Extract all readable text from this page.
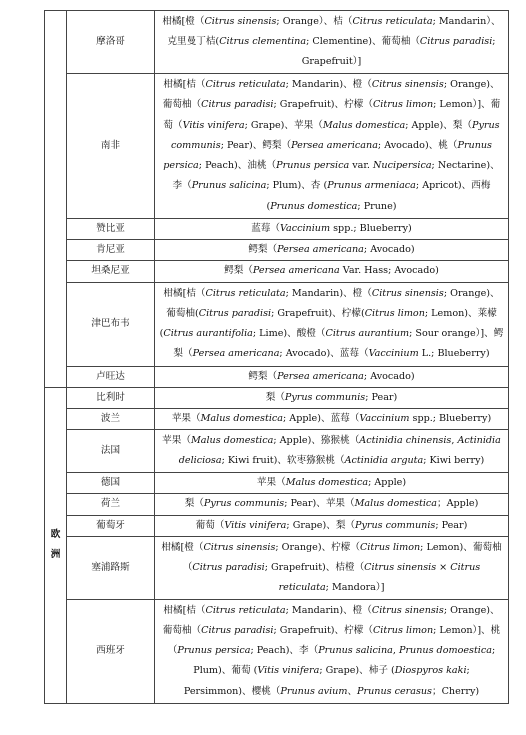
	摩洛哥	柑橘[橙（Citrus sinensis; Orange）、桔（Citrus reticulata; Mandarin）、克里曼丁桔(Citrus clementina; Clementine)、葡萄柚（Citrus paradisi; Grapefruit）]
	南非	柑橘[桔（Citrus reticulata; Mandarin)、橙（Citrus sinensis; Orange)、葡萄柚（Citrus paradisi; Grapefruit)、柠檬（Citrus limon; Lemon）]、葡萄（Vitis vinifera; Grape)、苹果（Malus domestica; Apple)、梨（Pyrus communis; Pear)、鳄梨（Persea americana; Avocado)、桃（Prunus persica; Peach)、油桃（Prunus persica var. Nucipersica; Nectarine)、李（Prunus salicina; Plum)、杏 (Prunus armeniaca; Apricot)、西梅 (Prunus domestica; Prune)
	赞比亚	蓝莓（Vaccinium spp.; Blueberry)
	肯尼亚	鳄梨（Persea americana; Avocado)
	坦桑尼亚	鳄梨（Persea americana Var. Hass; Avocado)
	津巴布韦	柑橘[桔（Citrus reticulata; Mandarin)、橙（Citrus sinensis; Orange)、葡萄柚(Citrus paradisi; Grapefruit)、柠檬(Citrus limon; Lemon)、莱檬(Citrus aurantifolia; Lime)、酸橙（Citrus aurantium; Sour orange）]、鳄梨（Persea americana; Avocado)、蓝莓（Vaccinium L.; Blueberry)
	卢旺达	鳄梨（Persea americana; Avocado)

欧
洲	比利时	梨（Pyrus communis; Pear)
	波兰	苹果（Malus domestica; Apple)、蓝莓（Vaccinium spp.; Blueberry)
	法国	苹果（Malus domestica; Apple)、猕猴桃（Actinidia chinensis, Actinidia deliciosa; Kiwi fruit)、软枣猕猴桃（Actinidia arguta; Kiwi berry)
	德国	苹果（Malus domestica; Apple)
	荷兰	梨（Pyrus communis; Pear)、苹果（Malus domestica；Apple)
	葡萄牙	葡萄（Vitis vinifera; Grape)、梨（Pyrus communis; Pear)
	塞浦路斯	柑橘[橙（Citrus sinensis; Orange)、柠檬（Citrus limon; Lemon)、葡萄柚（Citrus paradisi; Grapefruit)、桔橙（Citrus sinensis × Citrus reticulata; Mandora）]
	西班牙	柑橘[桔（Citrus reticulata; Mandarin)、橙（Citrus sinensis; Orange)、葡萄柚（Citrus paradisi; Grapefruit)、柠檬（Citrus limon; Lemon）]、桃（Prunus persica; Peach)、李（Prunus salicina, Prunus domoestica; Plum)、葡萄 (Vitis vinifera; Grape)、柿子 (Diospyros kaki; Persimmon)、樱桃（Prunus avium、Prunus cerasus；Cherry)
